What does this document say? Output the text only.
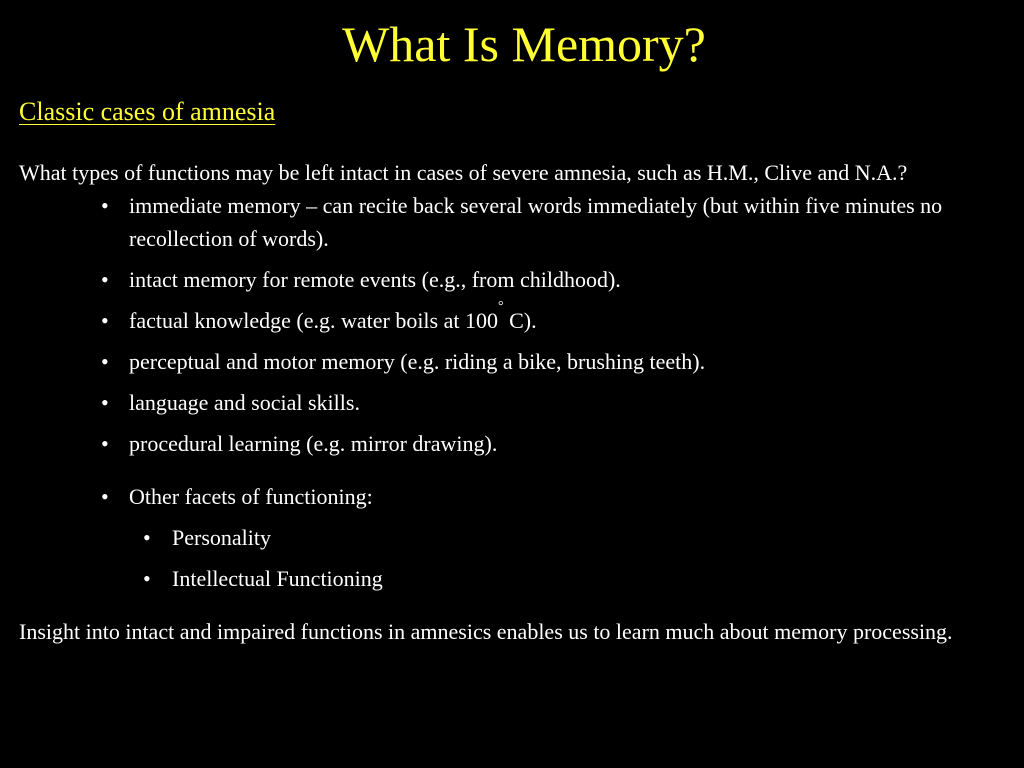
What Is Memory?
Classic cases of amnesia

What types of functions may be left intact in cases of severe amnesia, such as H.M., Clive and N.A.?

• immediate memory – can recite back several words immediately (but within five minutes no recollection of words).
• intact memory for remote events (e.g., from childhood).
• factual knowledge (e.g. water boils at 100° C).
• perceptual and motor memory (e.g. riding a bike, brushing teeth).
• language and social skills.
• procedural learning (e.g. mirror drawing).
• Other facets of functioning:
• Personality
• Intellectual Functioning

Insight into intact and impaired functions in amnesics enables us to learn much about memory processing.
